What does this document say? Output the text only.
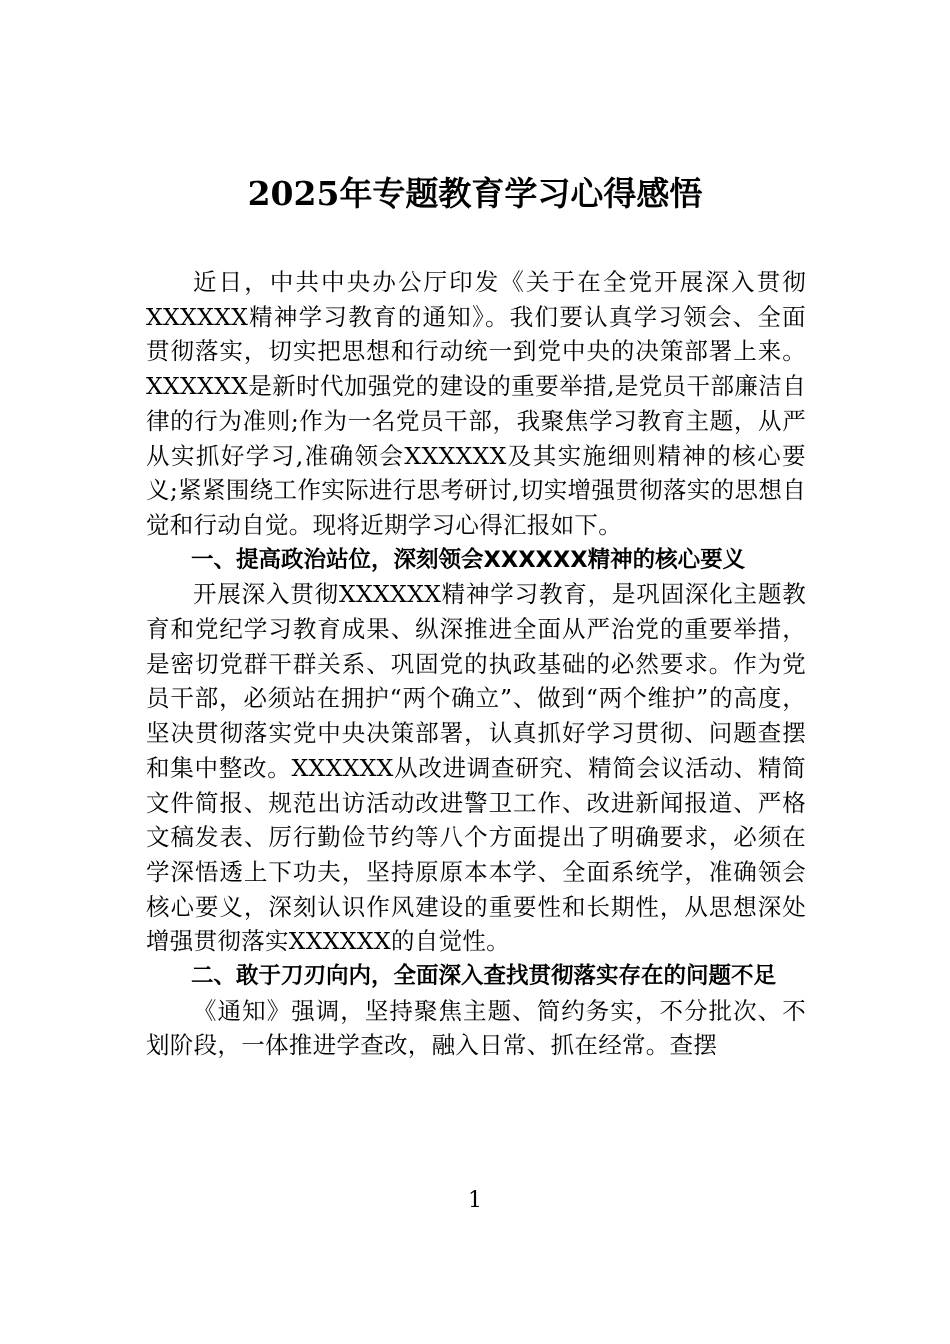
2025年专题教育学习心得感悟

近日，中共中央办公厅印发《关于在全党开展深入贯彻XXXXXX精神学习教育的通知》。我们要认真学习领会、全面贯彻落实，切实把思想和行动统一到党中央的决策部署上来。XXXXXX是新时代加强党的建设的重要举措,是党员干部廉洁自律的行为准则;作为一名党员干部，我聚焦学习教育主题，从严从实抓好学习,准确领会XXXXXX及其实施细则精神的核心要义;紧紧围绕工作实际进行思考研讨,切实增强贯彻落实的思想自觉和行动自觉。现将近期学习心得汇报如下。

一、提高政治站位，深刻领会XXXXXX精神的核心要义

开展深入贯彻XXXXXX精神学习教育，是巩固深化主题教育和党纪学习教育成果、纵深推进全面从严治党的重要举措，是密切党群干群关系、巩固党的执政基础的必然要求。作为党员干部，必须站在拥护“两个确立”、做到“两个维护”的高度，坚决贯彻落实党中央决策部署，认真抓好学习贯彻、问题查摆和集中整改。XXXXXX从改进调查研究、精简会议活动、精简文件简报、规范出访活动改进警卫工作、改进新闻报道、严格文稿发表、厉行勤俭节约等八个方面提出了明确要求，必须在学深悟透上下功夫，坚持原原本本学、全面系统学，准确领会核心要义，深刻认识作风建设的重要性和长期性，从思想深处增强贯彻落实XXXXXX的自觉性。

二、敢于刀刃向内，全面深入查找贯彻落实存在的问题不足

《通知》强调，坚持聚焦主题、简约务实，不分批次、不划阶段，一体推进学查改，融入日常、抓在经常。查摆

1
